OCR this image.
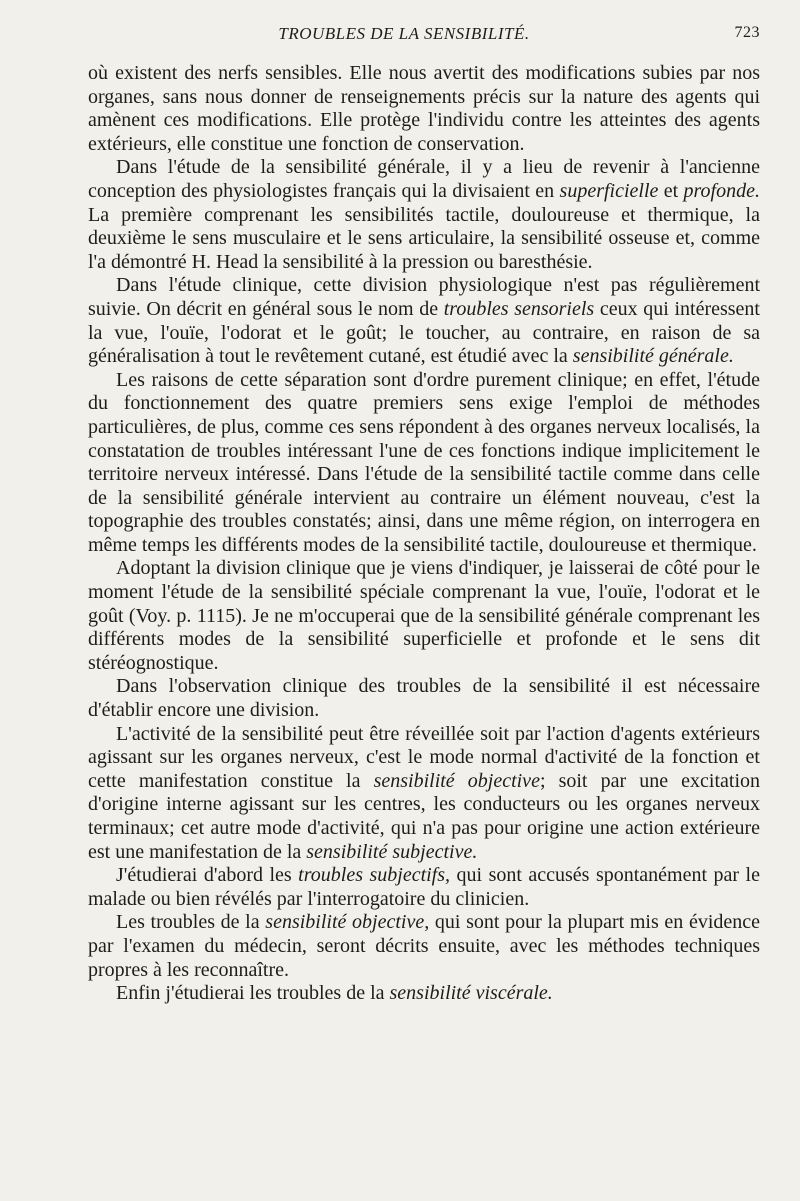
TROUBLES DE LA SENSIBILITÉ.	723

où existent des nerfs sensibles. Elle nous avertit des modifications subies par nos organes, sans nous donner de renseignements précis sur la nature des agents qui amènent ces modifications. Elle protège l'individu contre les atteintes des agents extérieurs, elle constitue une fonction de conservation.

Dans l'étude de la sensibilité générale, il y a lieu de revenir à l'ancienne conception des physiologistes français qui la divisaient en superficielle et profonde. La première comprenant les sensibilités tactile, douloureuse et thermique, la deuxième le sens musculaire et le sens articulaire, la sensibilité osseuse et, comme l'a démontré H. Head la sensibilité à la pression ou baresthésie.

Dans l'étude clinique, cette division physiologique n'est pas régulièrement suivie. On décrit en général sous le nom de troubles sensoriels ceux qui intéressent la vue, l'ouïe, l'odorat et le goût; le toucher, au contraire, en raison de sa généralisation à tout le revêtement cutané, est étudié avec la sensibilité générale.

Les raisons de cette séparation sont d'ordre purement clinique; en effet, l'étude du fonctionnement des quatre premiers sens exige l'emploi de méthodes particulières, de plus, comme ces sens répondent à des organes nerveux localisés, la constatation de troubles intéressant l'une de ces fonctions indique implicitement le territoire nerveux intéressé. Dans l'étude de la sensibilité tactile comme dans celle de la sensibilité générale intervient au contraire un élément nouveau, c'est la topographie des troubles constatés; ainsi, dans une même région, on interrogera en même temps les différents modes de la sensibilité tactile, douloureuse et thermique.

Adoptant la division clinique que je viens d'indiquer, je laisserai de côté pour le moment l'étude de la sensibilité spéciale comprenant la vue, l'ouïe, l'odorat et le goût (Voy. p. 1115). Je ne m'occuperai que de la sensibilité générale comprenant les différents modes de la sensibilité superficielle et profonde et le sens dit stéréognostique.

Dans l'observation clinique des troubles de la sensibilité il est nécessaire d'établir encore une division.

L'activité de la sensibilité peut être réveillée soit par l'action d'agents extérieurs agissant sur les organes nerveux, c'est le mode normal d'activité de la fonction et cette manifestation constitue la sensibilité objective; soit par une excitation d'origine interne agissant sur les centres, les conducteurs ou les organes nerveux terminaux; cet autre mode d'activité, qui n'a pas pour origine une action extérieure est une manifestation de la sensibilité subjective.

J'étudierai d'abord les troubles subjectifs, qui sont accusés spontanément par le malade ou bien révélés par l'interrogatoire du clinicien.

Les troubles de la sensibilité objective, qui sont pour la plupart mis en évidence par l'examen du médecin, seront décrits ensuite, avec les méthodes techniques propres à les reconnaître.

Enfin j'étudierai les troubles de la sensibilité viscérale.
